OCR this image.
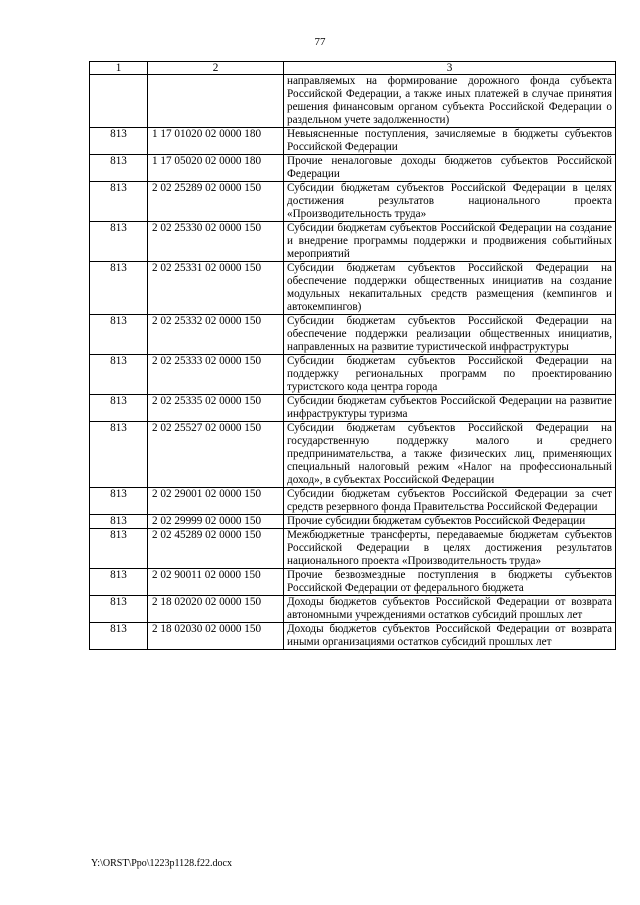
77
1	2	3
		направляемых на формирование дорожного фонда субъекта Российской Федерации, а также иных платежей в случае принятия решения финансовым органом субъекта Российской Федерации о раздельном учете задолженности)
813	1 17 01020 02 0000 180	Невыясненные поступления, зачисляемые в бюджеты субъектов Российской Федерации
813	1 17 05020 02 0000 180	Прочие неналоговые доходы бюджетов субъектов Российской Федерации
813	2 02 25289 02 0000 150	Субсидии бюджетам субъектов Российской Федерации в целях достижения результатов национального проекта «Производительность труда»
813	2 02 25330 02 0000 150	Субсидии бюджетам субъектов Российской Федерации на создание и внедрение программы поддержки и продвижения событийных мероприятий
813	2 02 25331 02 0000 150	Субсидии бюджетам субъектов Российской Федерации на обеспечение поддержки общественных инициатив на создание модульных некапитальных средств размещения (кемпингов и автокемпингов)
813	2 02 25332 02 0000 150	Субсидии бюджетам субъектов Российской Федерации на обеспечение поддержки реализации общественных инициатив, направленных на развитие туристической инфраструктуры
813	2 02 25333 02 0000 150	Субсидии бюджетам субъектов Российской Федерации на поддержку региональных программ по проектированию туристского кода центра города
813	2 02 25335 02 0000 150	Субсидии бюджетам субъектов Российской Федерации на развитие инфраструктуры туризма
813	2 02 25527 02 0000 150	Субсидии бюджетам субъектов Российской Федерации на государственную поддержку малого и среднего предпринимательства, а также физических лиц, применяющих специальный налоговый режим «Налог на профессиональный доход», в субъектах Российской Федерации
813	2 02 29001 02 0000 150	Субсидии бюджетам субъектов Российской Федерации за счет средств резервного фонда Правительства Российской Федерации
813	2 02 29999 02 0000 150	Прочие субсидии бюджетам субъектов Российской Федерации
813	2 02 45289 02 0000 150	Межбюджетные трансферты, передаваемые бюджетам субъектов Российской Федерации в целях достижения результатов национального проекта «Производительность труда»
813	2 02 90011 02 0000 150	Прочие безвозмездные поступления в бюджеты субъектов Российской Федерации от федерального бюджета
813	2 18 02020 02 0000 150	Доходы бюджетов субъектов Российской Федерации от возврата автономными учреждениями остатков субсидий прошлых лет
813	2 18 02030 02 0000 150	Доходы бюджетов субъектов Российской Федерации от возврата иными организациями остатков субсидий прошлых лет
Y:\ORST\Ppo\1223p1128.f22.docx
